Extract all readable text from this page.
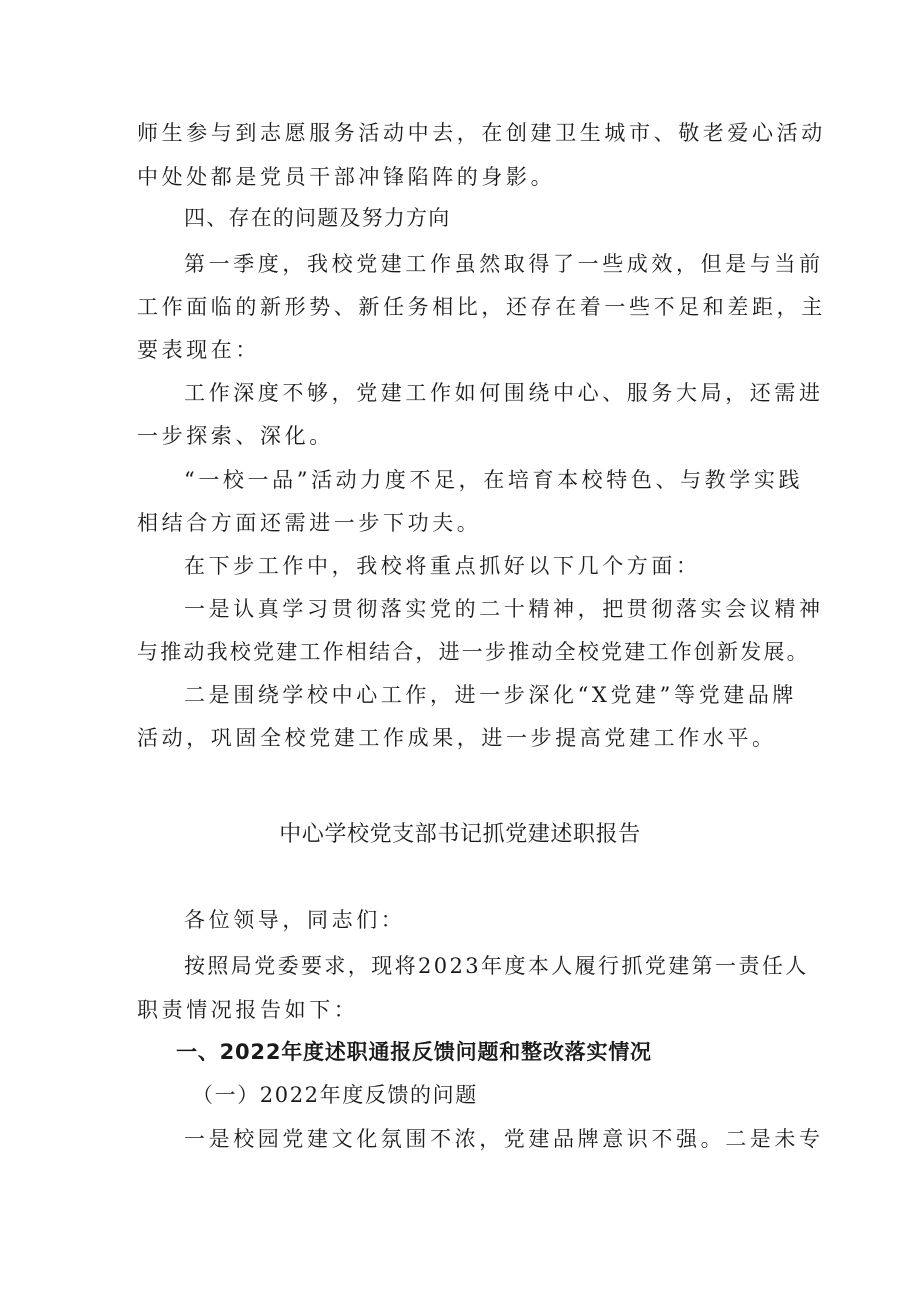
师生参与到志愿服务活动中去，在创建卫生城市、敬老爱心活动
中处处都是党员干部冲锋陷阵的身影。
四、存在的问题及努力方向
第一季度，我校党建工作虽然取得了一些成效，但是与当前
工作面临的新形势、新任务相比，还存在着一些不足和差距，主
要表现在：
工作深度不够，党建工作如何围绕中心、服务大局，还需进
一步探索、深化。
“一校一品”活动力度不足，在培育本校特色、与教学实践
相结合方面还需进一步下功夫。
在下步工作中，我校将重点抓好以下几个方面：
一是认真学习贯彻落实党的二十精神，把贯彻落实会议精神
与推动我校党建工作相结合，进一步推动全校党建工作创新发展。
二是围绕学校中心工作，进一步深化“X党建”等党建品牌
活动，巩固全校党建工作成果，进一步提高党建工作水平。
中心学校党支部书记抓党建述职报告
各位领导，同志们：
按照局党委要求，现将2023年度本人履行抓党建第一责任人
职责情况报告如下：
一、2022年度述职通报反馈问题和整改落实情况
（一）2022年度反馈的问题
一是校园党建文化氛围不浓，党建品牌意识不强。二是未专
